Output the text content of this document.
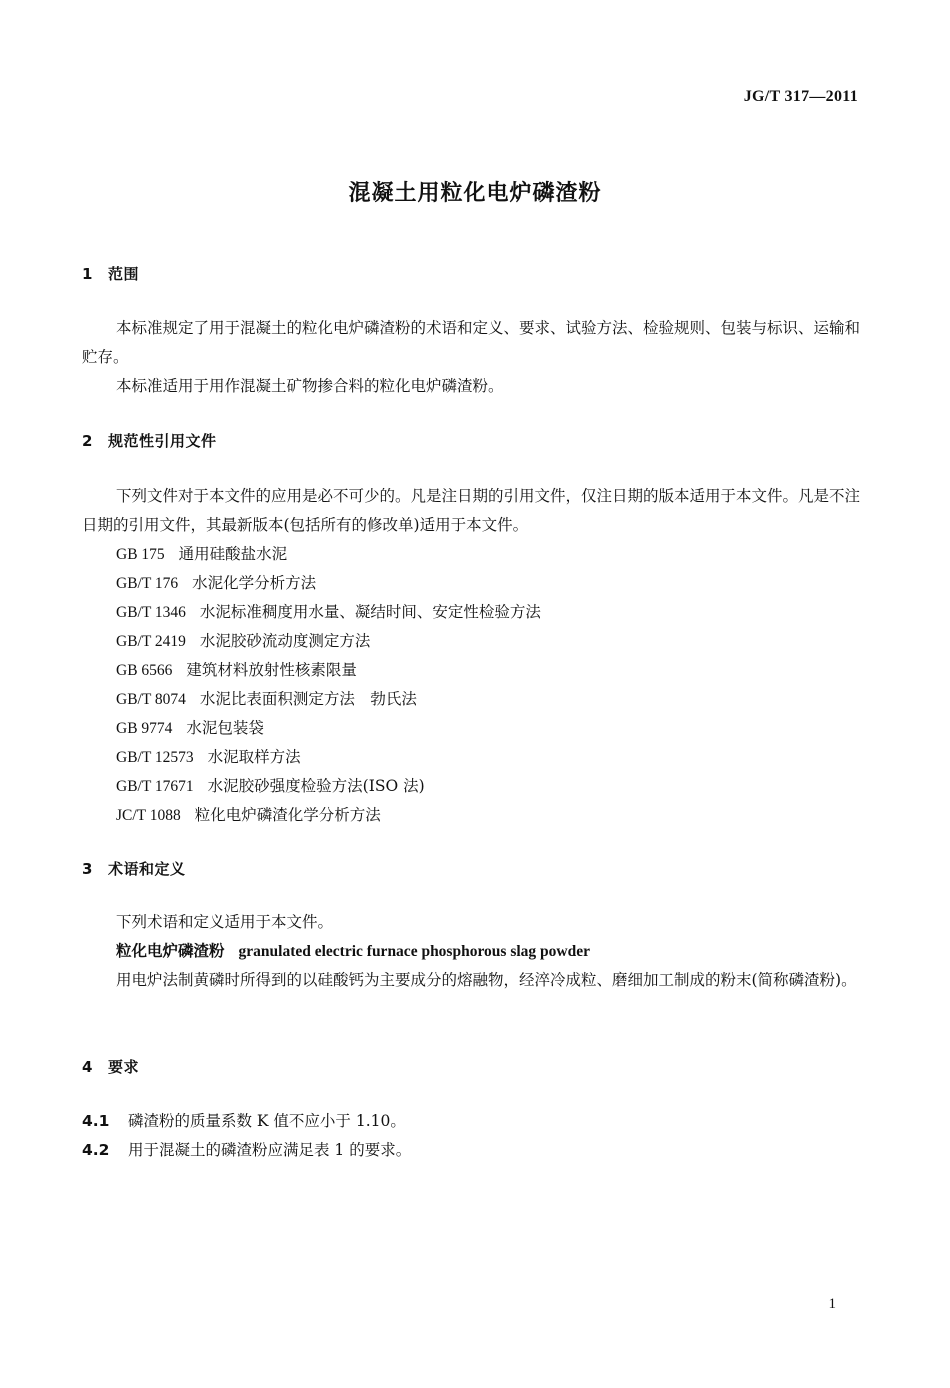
JG/T 317—2011
混凝土用粒化电炉磷渣粉
1 范围

本标准规定了用于混凝土的粒化电炉磷渣粉的术语和定义、要求、试验方法、检验规则、包装与标识、运输和贮存。

本标准适用于用作混凝土矿物掺合料的粒化电炉磷渣粉。

2 规范性引用文件

下列文件对于本文件的应用是必不可少的。凡是注日期的引用文件，仅注日期的版本适用于本文件。凡是不注日期的引用文件，其最新版本(包括所有的修改单)适用于本文件。

GB 175 通用硅酸盐水泥
GB/T 176 水泥化学分析方法
GB/T 1346 水泥标准稠度用水量、凝结时间、安定性检验方法
GB/T 2419 水泥胶砂流动度测定方法
GB 6566 建筑材料放射性核素限量
GB/T 8074 水泥比表面积测定方法　勃氏法
GB 9774 水泥包装袋
GB/T 12573 水泥取样方法
GB/T 17671 水泥胶砂强度检验方法(ISO 法)
JC/T 1088 粒化电炉磷渣化学分析方法
3 术语和定义

下列术语和定义适用于本文件。

粒化电炉磷渣粉 granulated electric furnace phosphorous slag powder

用电炉法制黄磷时所得到的以硅酸钙为主要成分的熔融物，经淬冷成粒、磨细加工制成的粉末(简称磷渣粉)。

4 要求
4.1 磷渣粉的质量系数 K 值不应小于 1.10。
4.2 用于混凝土的磷渣粉应满足表 1 的要求。
1
